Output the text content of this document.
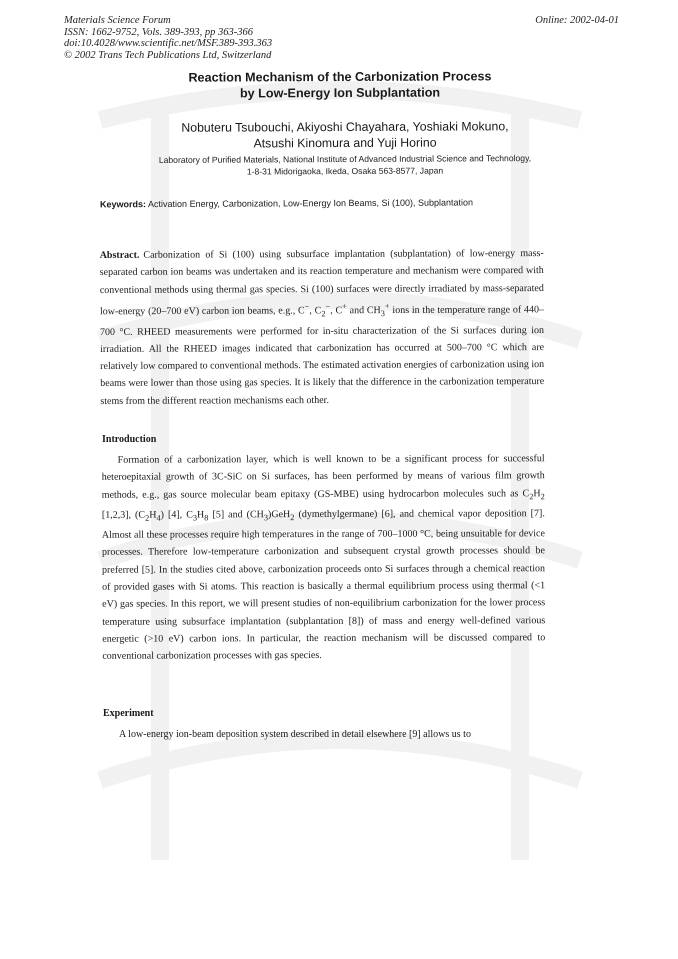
Materials Science Forum
ISSN: 1662-9752, Vols. 389-393, pp 363-366
doi:10.4028/www.scientific.net/MSF.389-393.363
© 2002 Trans Tech Publications Ltd, Switzerland
Online: 2002-04-01
Reaction Mechanism of the Carbonization Process
by Low-Energy Ion Subplantation
Nobuteru Tsubouchi, Akiyoshi Chayahara, Yoshiaki Mokuno,
Atsushi Kinomura and Yuji Horino
Laboratory of Purified Materials, National Institute of Advanced Industrial Science and Technology,
1-8-31 Midorigaoka, Ikeda, Osaka 563-8577, Japan
Keywords: Activation Energy, Carbonization, Low-Energy Ion Beams, Si (100), Subplantation
Abstract. Carbonization of Si (100) using subsurface implantation (subplantation) of low-energy mass-separated carbon ion beams was undertaken and its reaction temperature and mechanism were compared with conventional methods using thermal gas species. Si (100) surfaces were directly irradiated by mass-separated low-energy (20–700 eV) carbon ion beams, e.g., C−, $C_2^-$, C+ and $CH_3^+$ ions in the temperature range of 440–700 °C. RHEED measurements were performed for in-situ characterization of the Si surfaces during ion irradiation. All the RHEED images indicated that carbonization has occurred at 500–700 °C which are relatively low compared to conventional methods. The estimated activation energies of carbonization using ion beams were lower than those using gas species. It is likely that the difference in the carbonization temperature stems from the different reaction mechanisms each other.
Introduction

Formation of a carbonization layer, which is well known to be a significant process for successful heteroepitaxial growth of 3C-SiC on Si surfaces, has been performed by means of various film growth methods, e.g., gas source molecular beam epitaxy (GS-MBE) using hydrocarbon molecules such as $C_2H_2$ [1,2,3], $(C_2H_4)$ [4], $C_3H_8$ [5] and $(CH_3)GeH_2$ (dymethylgermane) [6], and chemical vapor deposition [7]. Almost all these processes require high temperatures in the range of 700–1000 °C, being unsuitable for device processes. Therefore low-temperature carbonization and subsequent crystal growth processes should be preferred [5]. In the studies cited above, carbonization proceeds onto Si surfaces through a chemical reaction of provided gases with Si atoms. This reaction is basically a thermal equilibrium process using thermal (<1 eV) gas species. In this report, we will present studies of non-equilibrium carbonization for the lower process temperature using subsurface implantation (subplantation [8]) of mass and energy well-defined various energetic (>10 eV) carbon ions. In particular, the reaction mechanism will be discussed compared to conventional carbonization processes with gas species.

Experiment

A low-energy ion-beam deposition system described in detail elsewhere [9] allows us to
